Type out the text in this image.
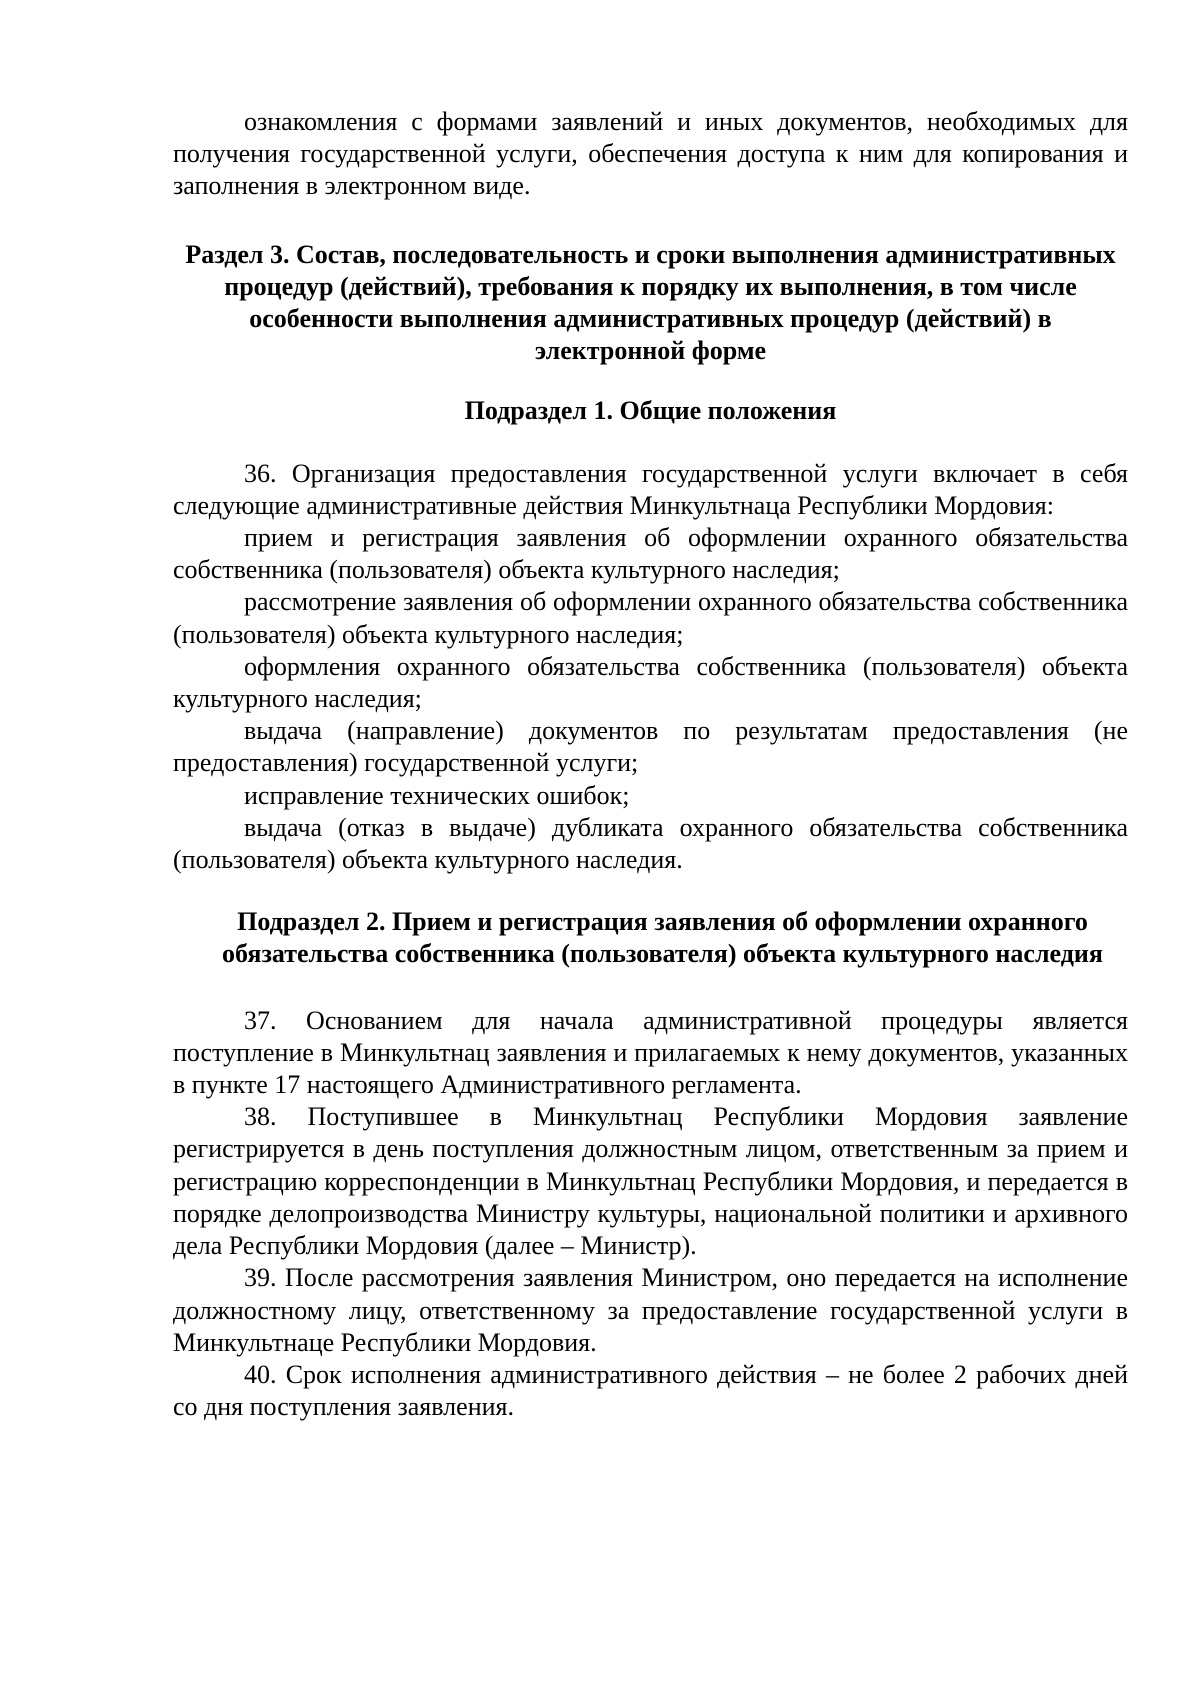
ознакомления с формами заявлений и иных документов, необходимых для получения государственной услуги, обеспечения доступа к ним для копирования и заполнения в электронном виде.

Раздел 3. Состав, последовательность и сроки выполнения административных процедур (действий), требования к порядку их выполнения, в том числе особенности выполнения административных процедур (действий) в электронной форме

Подраздел 1. Общие положения

36. Организация предоставления государственной услуги включает в себя следующие административные действия Минкультнаца Республики Мордовия:

прием и регистрация заявления об оформлении охранного обязательства собственника (пользователя) объекта культурного наследия;

рассмотрение заявления об оформлении охранного обязательства собственника (пользователя) объекта культурного наследия;

оформления охранного обязательства собственника (пользователя) объекта культурного наследия;

выдача (направление) документов по результатам предоставления (не предоставления) государственной услуги;

исправление технических ошибок;

выдача (отказ в выдаче) дубликата охранного обязательства собственника (пользователя) объекта культурного наследия.

Подраздел 2. Прием и регистрация заявления об оформлении охранного обязательства собственника (пользователя) объекта культурного наследия

37. Основанием для начала административной процедуры является поступление в Минкультнац заявления и прилагаемых к нему документов, указанных в пункте 17 настоящего Административного регламента.

38. Поступившее в Минкультнац Республики Мордовия заявление регистрируется в день поступления должностным лицом, ответственным за прием и регистрацию корреспонденции в Минкультнац Республики Мордовия, и передается в порядке делопроизводства Министру культуры, национальной политики и архивного дела Республики Мордовия (далее – Министр).

39. После рассмотрения заявления Министром, оно передается на исполнение должностному лицу, ответственному за предоставление государственной услуги в Минкультнаце Республики Мордовия.

40. Срок исполнения административного действия – не более 2 рабочих дней со дня поступления заявления.
